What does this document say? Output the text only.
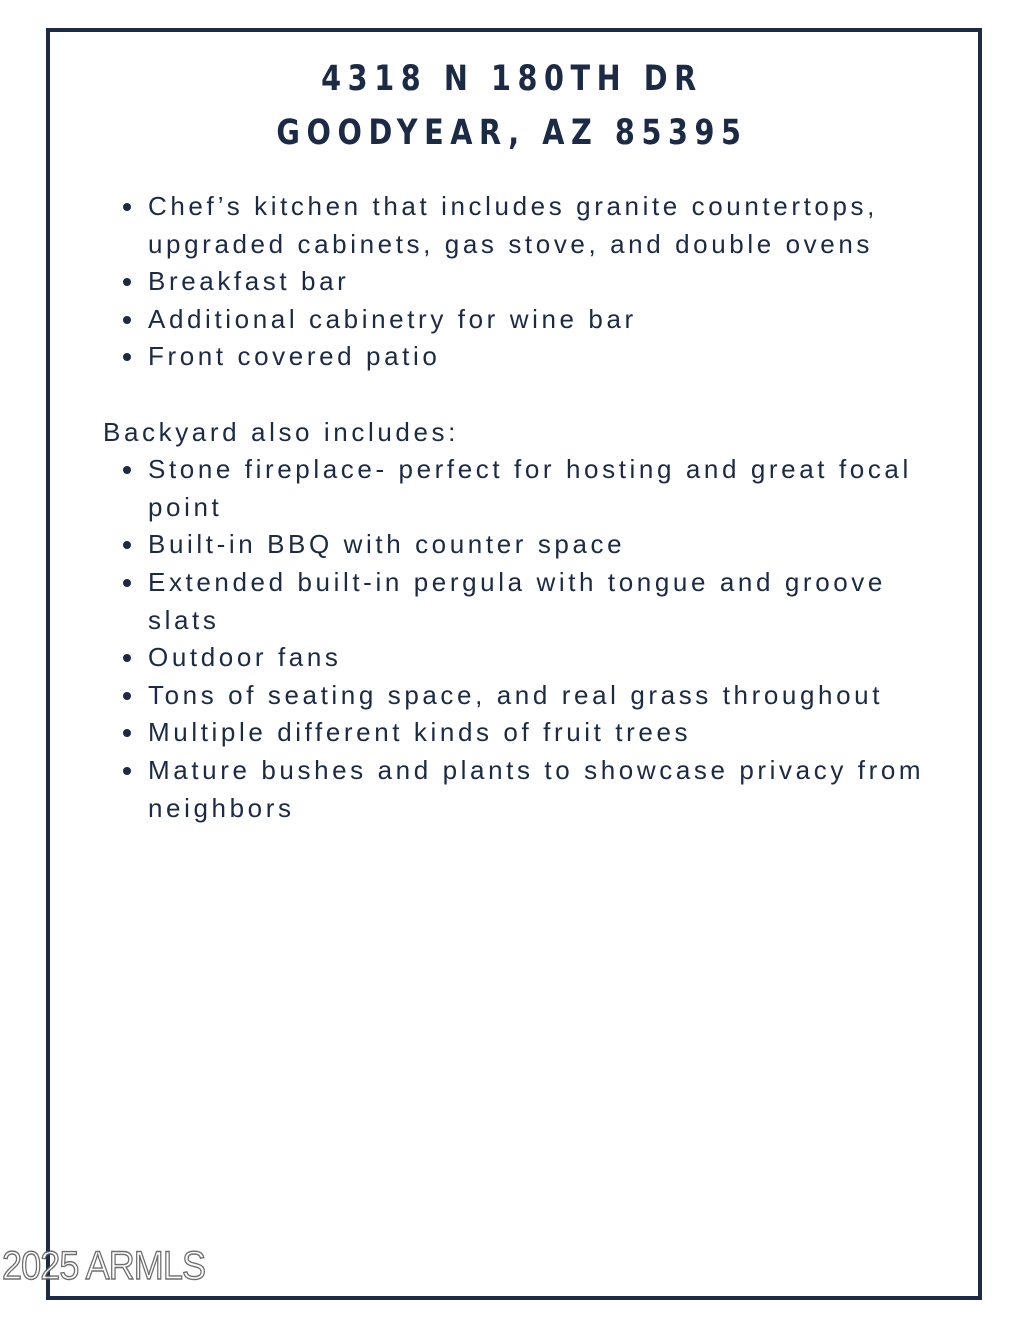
4318 N 180TH DR
GOODYEAR, AZ 85395
Chef’s kitchen that includes granite countertops, upgraded cabinets, gas stove, and double ovens
Breakfast bar
Additional cabinetry for wine bar
Front covered patio
Backyard also includes:
Stone fireplace- perfect for hosting and great focal point
Built-in BBQ with counter space
Extended built-in pergula with tongue and groove slats
Outdoor fans
Tons of seating space, and real grass throughout
Multiple different kinds of fruit trees
Mature bushes and plants to showcase privacy from neighbors
2025 ARMLS
